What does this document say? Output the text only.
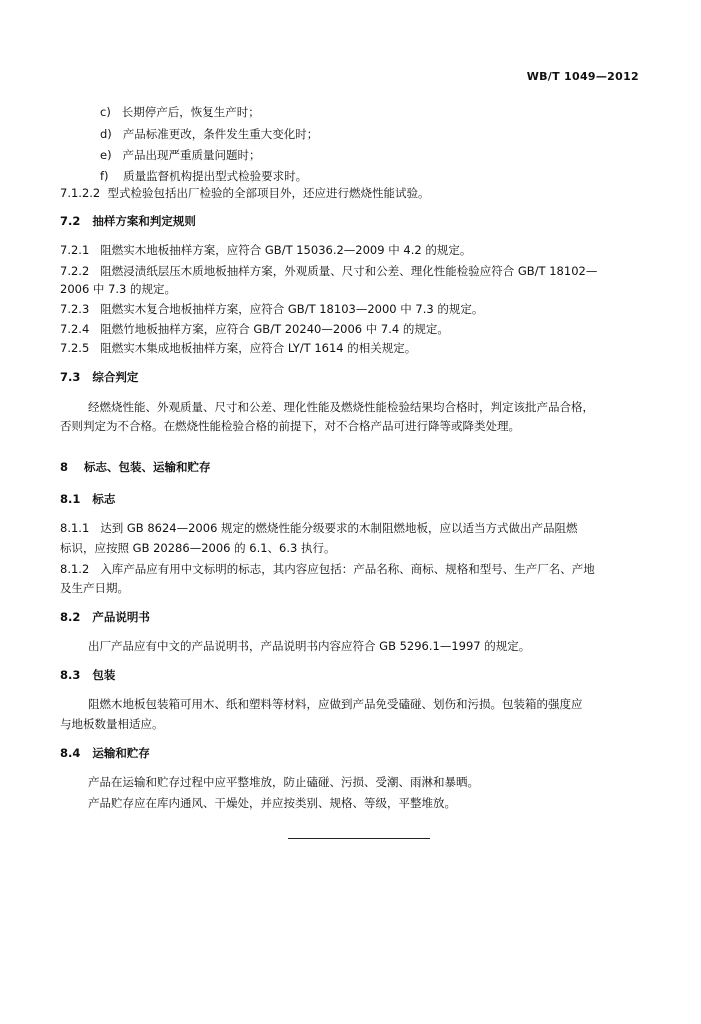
WB/T 1049—2012
c) 长期停产后，恢复生产时；
d) 产品标准更改，条件发生重大变化时；
e) 产品出现严重质量问题时；
f) 质量监督机构提出型式检验要求时。
7.1.2.2 型式检验包括出厂检验的全部项目外，还应进行燃烧性能试验。
7.2 抽样方案和判定规则
7.2.1 阻燃实木地板抽样方案，应符合 GB/T 15036.2—2009 中 4.2 的规定。
7.2.2 阻燃浸渍纸层压木质地板抽样方案，外观质量、尺寸和公差、理化性能检验应符合 GB/T 18102—
2006 中 7.3 的规定。
7.2.3 阻燃实木复合地板抽样方案，应符合 GB/T 18103—2000 中 7.3 的规定。
7.2.4 阻燃竹地板抽样方案，应符合 GB/T 20240—2006 中 7.4 的规定。
7.2.5 阻燃实木集成地板抽样方案，应符合 LY/T 1614 的相关规定。
7.3 综合判定
经燃烧性能、外观质量、尺寸和公差、理化性能及燃烧性能检验结果均合格时，判定该批产品合格，
否则判定为不合格。在燃烧性能检验合格的前提下，对不合格产品可进行降等或降类处理。
8 标志、包装、运输和贮存
8.1 标志
8.1.1 达到 GB 8624—2006 规定的燃烧性能分级要求的木制阻燃地板，应以适当方式做出产品阻燃
标识，应按照 GB 20286—2006 的 6.1、6.3 执行。
8.1.2 入库产品应有用中文标明的标志，其内容应包括：产品名称、商标、规格和型号、生产厂名、产地
及生产日期。
8.2 产品说明书
出厂产品应有中文的产品说明书，产品说明书内容应符合 GB 5296.1—1997 的规定。
8.3 包装
阻燃木地板包装箱可用木、纸和塑料等材料，应做到产品免受磕碰、划伤和污损。包装箱的强度应
与地板数量相适应。
8.4 运输和贮存
产品在运输和贮存过程中应平整堆放，防止磕碰、污损、受潮、雨淋和暴晒。
产品贮存应在库内通风、干燥处，并应按类别、规格、等级，平整堆放。
